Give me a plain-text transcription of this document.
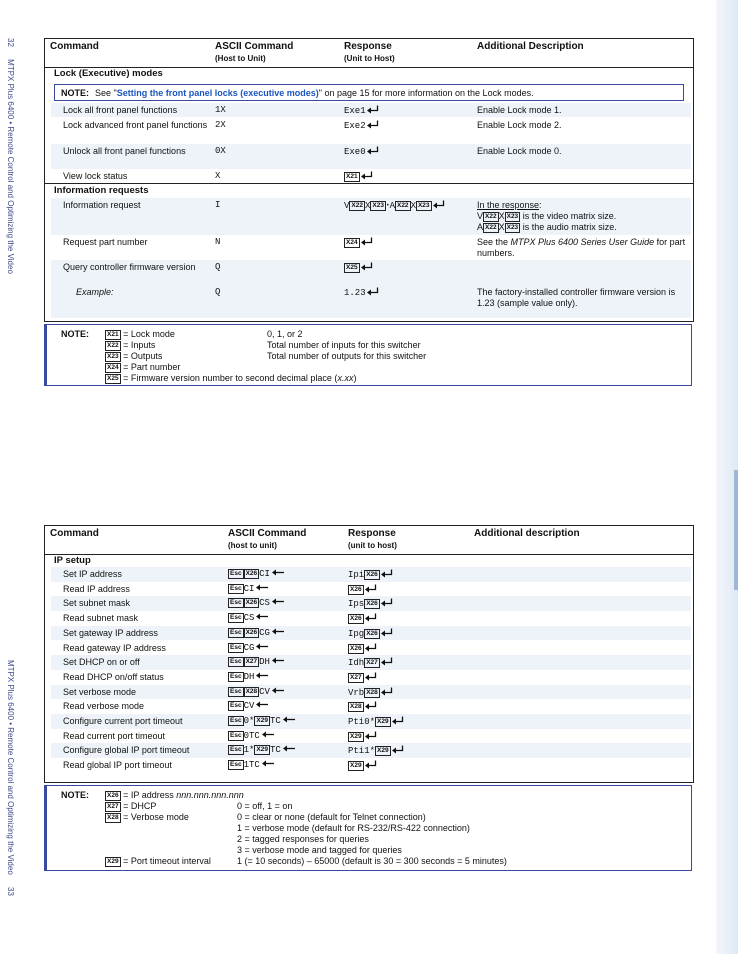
32 MTPX Plus 6400 • Remote Control and Optimizing the Video
MTPX Plus 6400 • Remote Control and Optimizing the Video 33
Command	ASCII Command
(Host to Unit)
Response
(Unit to Host)
Additional Description
Lock (Executive) modes
NOTE: See "Setting the front panel locks (executive modes)" on page 15 for more information on the Lock modes.
Lock all front panel functions	1X	Exe1	Enable Lock mode 1.
Lock advanced front panel functions 2X	Exe2	Enable Lock mode 2.
Unlock all front panel functions	0X	Exe0	Enable Lock mode 0.
View lock status	X	X21
Information requests
Information request	I	V X22 X X23 •A X22 X X23	In the response:
V X22 X X23 is the video matrix size.
A X22 X X23 is the audio matrix size.
Request part number	N	X24	See the MTPX Plus 6400 Series User Guide for part numbers.
Query controller firmware version	Q	X25
Example:	Q	1.23	The factory-installed controller firmware version is 1.23 (sample value only).
NOTE:	X21 = Lock mode	0, 1, or 2
X22 = Inputs	Total number of inputs for this switcher
X23 = Outputs	Total number of outputs for this switcher
X24 = Part number
X25 = Firmware version number to second decimal place (x.xx)
Command	ASCII Command
(host to unit)
Response
(unit to host)
Additional description
IP setup
Set IP address	Esc X26 CI	Ipi X26
Read IP address	Esc CI	X26
Set subnet mask	Esc X26 CS	Ips X26
Read subnet mask	Esc CS	X26
Set gateway IP address	Esc X26 CG	Ipg X26
Read gateway IP address	Esc CG	X26
Set DHCP on or off	Esc X27 DH	Idh X27
Read DHCP on/off status	Esc DH	X27
Set verbose mode	Esc X28 CV	Vrb X28
Read verbose mode	Esc CV	X28
Configure current port timeout	Esc 0* X29 TC	Pti0* X29
Read current port timeout	Esc 0TC	X29
Configure global IP port timeout	Esc 1* X29 TC	Pti1* X29
Read global IP port timeout	Esc 1TC	X29
NOTE:	X26 = IP address nnn.nnn.nnn.nnn
X27 = DHCP	0 = off, 1 = on
X28 = Verbose mode	0 = clear or none (default for Telnet connection)
1 = verbose mode (default for RS-232/RS-422 connection)
2 = tagged responses for queries
3 = verbose mode and tagged for queries
X29 = Port timeout interval	1 (= 10 seconds) – 65000 (default is 30 = 300 seconds = 5 minutes)
